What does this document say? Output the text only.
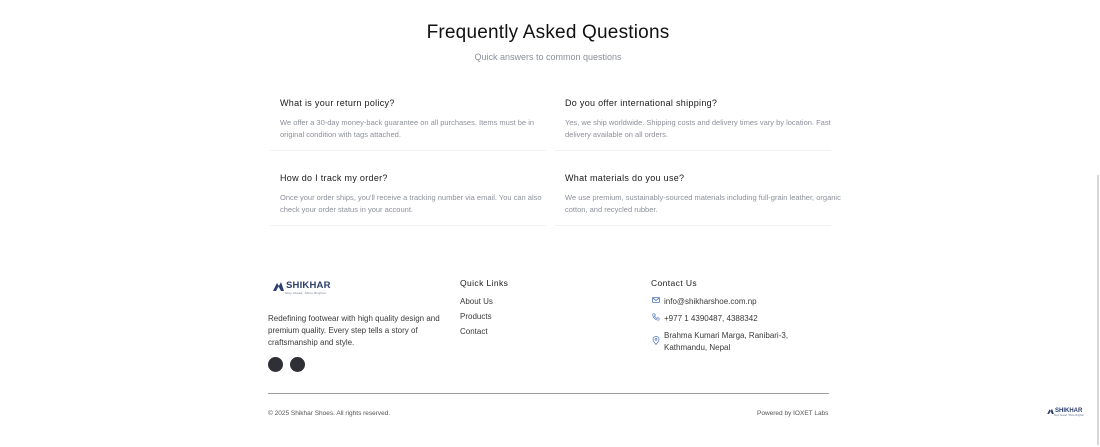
Frequently Asked Questions

Quick answers to common questions

What is your return policy?
We offer a 30-day money-back guarantee on all purchases. Items must be in original condition with tags attached.
Do you offer international shipping?
Yes, we ship worldwide. Shipping costs and delivery times vary by location. Fast delivery available on all orders.
How do I track my order?
Once your order ships, you'll receive a tracking number via email. You can also check your order status in your account.
What materials do you use?
We use premium, sustainably-sourced materials including full-grain leather, organic cotton, and recycled rubber.
SHIKHAR
Step Ahead, Shine Brighter

Redefining footwear with high quality design and premium quality. Every step tells a story of craftsmanship and style.

Quick Links
About Us
Products
Contact
Contact Us
info@shikharshoe.com.np
+977 1 4390487, 4388342
Brahma Kumari Marga, Ranibari-3,
Kathmandu, Nepal
© 2025 Shikhar Shoes. All rights reserved.	Powered by IOXET Labs	SHIKHAR
Step Ahead, Shine Brighter
